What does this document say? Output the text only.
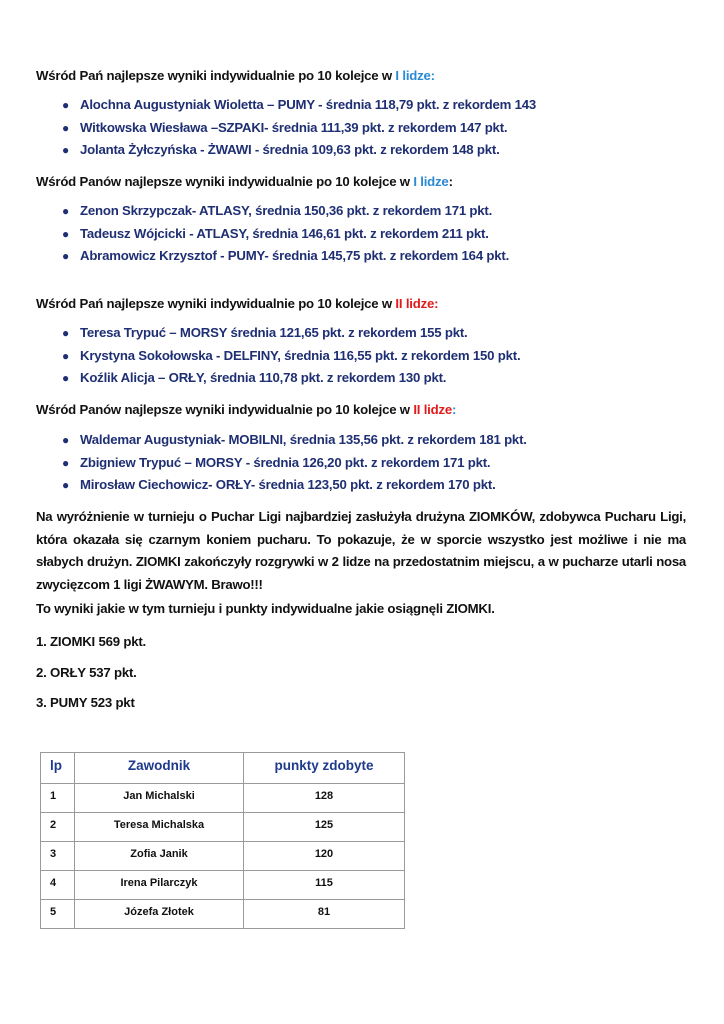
Wśród Pań najlepsze wyniki indywidualnie po 10 kolejce w I lidze:
● Alochna Augustyniak Wioletta – PUMY - średnia 118,79 pkt. z rekordem 143
● Witkowska Wiesława –SZPAKI- średnia 111,39 pkt. z rekordem 147 pkt.
● Jolanta Żyłczyńska - ŻWAWI - średnia 109,63 pkt. z rekordem 148 pkt.
Wśród Panów najlepsze wyniki indywidualnie po 10 kolejce w I lidze:
● Zenon Skrzypczak- ATLASY, średnia 150,36 pkt. z rekordem 171 pkt.
● Tadeusz Wójcicki - ATLASY, średnia 146,61 pkt. z rekordem 211 pkt.
● Abramowicz Krzysztof - PUMY- średnia 145,75 pkt. z rekordem 164 pkt.
Wśród Pań najlepsze wyniki indywidualnie po 10 kolejce w II lidze:
● Teresa Trypuć – MORSY średnia 121,65 pkt. z rekordem 155 pkt.
● Krystyna Sokołowska - DELFINY, średnia 116,55 pkt. z rekordem 150 pkt.
● Koźlik Alicja – ORŁY, średnia 110,78 pkt. z rekordem 130 pkt.
Wśród Panów najlepsze wyniki indywidualnie po 10 kolejce w II lidze:
● Waldemar Augustyniak- MOBILNI, średnia 135,56 pkt. z rekordem 181 pkt.
● Zbigniew Trypuć – MORSY - średnia 126,20 pkt. z rekordem 171 pkt.
● Mirosław Ciechowicz- ORŁY- średnia 123,50 pkt. z rekordem 170 pkt.
Na wyróżnienie w turnieju o Puchar Ligi najbardziej zasłużyła drużyna ZIOMKÓW, zdobywca Pucharu Ligi, która okazała się czarnym koniem pucharu. To pokazuje, że w sporcie wszystko jest możliwe i nie ma słabych drużyn. ZIOMKI zakończyły rozgrywki w 2 lidze na przedostatnim miejscu, a w pucharze utarli nosa zwycięzcom 1 ligi ŻWAWYM. Brawo!!!
To wyniki jakie w tym turnieju i punkty indywidualne jakie osiągnęli ZIOMKI.
1. ZIOMKI 569 pkt.
2. ORŁY 537 pkt.
3. PUMY 523 pkt
lp	Zawodnik	punkty zdobyte
1	Jan Michalski	128
2	Teresa Michalska	125
3	Zofia Janik	120
4	Irena Pilarczyk	115
5	Józefa Złotek	81
